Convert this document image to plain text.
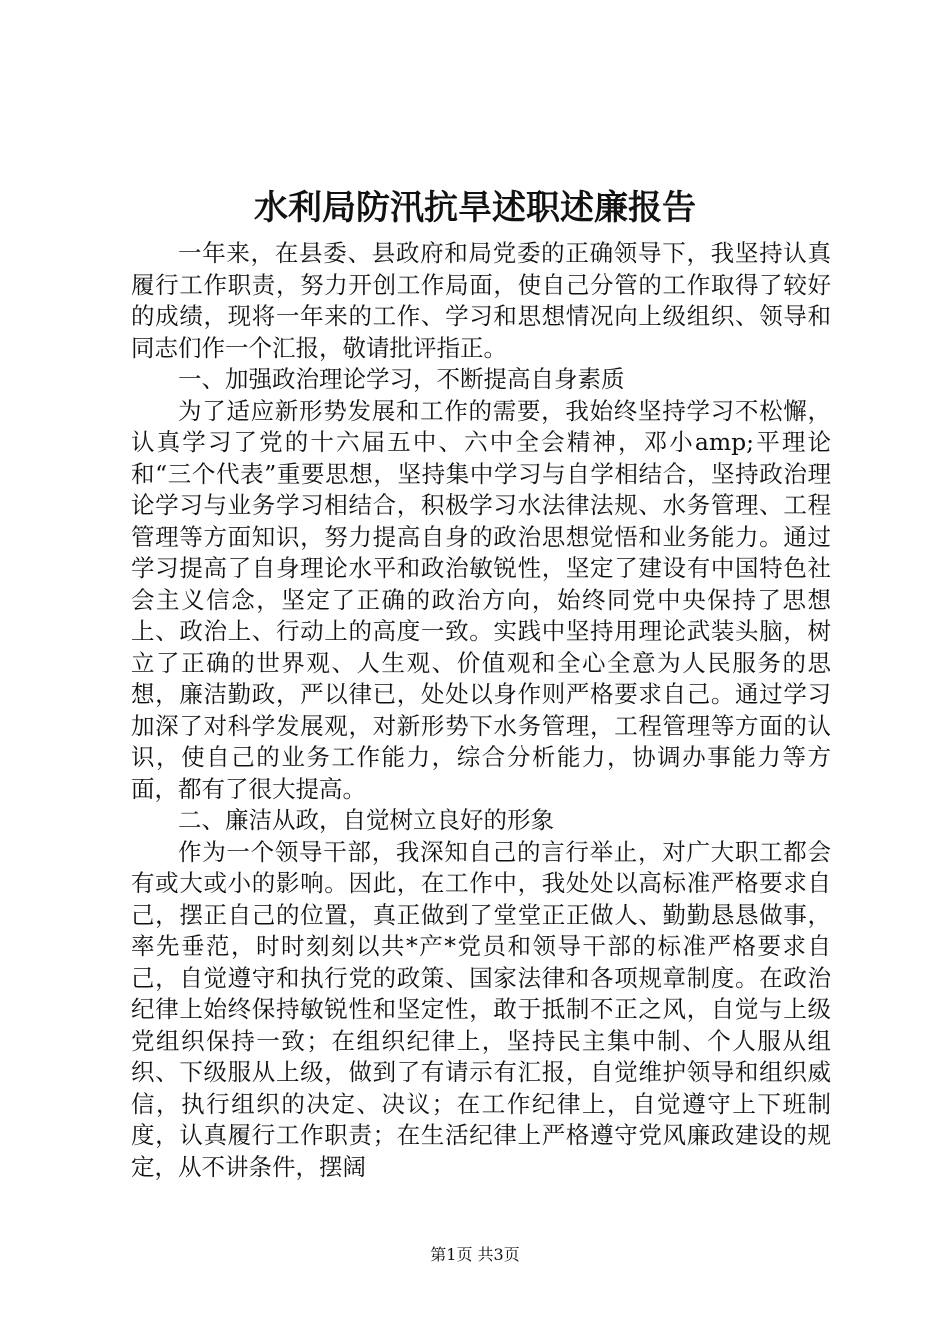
水利局防汛抗旱述职述廉报告

一年来，在县委、县政府和局党委的正确领导下，我坚持认真履行工作职责，努力开创工作局面，使自己分管的工作取得了较好的成绩，现将一年来的工作、学习和思想情况向上级组织、领导和同志们作一个汇报，敬请批评指正。

一、加强政治理论学习，不断提高自身素质

为了适应新形势发展和工作的需要，我始终坚持学习不松懈，认真学习了党的十六届五中、六中全会精神，邓小amp;平理论和“三个代表”重要思想，坚持集中学习与自学相结合，坚持政治理论学习与业务学习相结合，积极学习水法律法规、水务管理、工程管理等方面知识，努力提高自身的政治思想觉悟和业务能力。通过学习提高了自身理论水平和政治敏锐性，坚定了建设有中国特色社会主义信念，坚定了正确的政治方向，始终同党中央保持了思想上、政治上、行动上的高度一致。实践中坚持用理论武装头脑，树立了正确的世界观、人生观、价值观和全心全意为人民服务的思想，廉洁勤政，严以律已，处处以身作则严格要求自己。通过学习加深了对科学发展观，对新形势下水务管理，工程管理等方面的认识，使自己的业务工作能力，综合分析能力，协调办事能力等方面，都有了很大提高。

二、廉洁从政，自觉树立良好的形象

作为一个领导干部，我深知自己的言行举止，对广大职工都会有或大或小的影响。因此，在工作中，我处处以高标准严格要求自己，摆正自己的位置，真正做到了堂堂正正做人、勤勤恳恳做事，率先垂范，时时刻刻以共*产*党员和领导干部的标准严格要求自己，自觉遵守和执行党的政策、国家法律和各项规章制度。在政治纪律上始终保持敏锐性和坚定性，敢于抵制不正之风，自觉与上级党组织保持一致；在组织纪律上，坚持民主集中制、个人服从组织、下级服从上级，做到了有请示有汇报，自觉维护领导和组织威信，执行组织的决定、决议；在工作纪律上，自觉遵守上下班制度，认真履行工作职责；在生活纪律上严格遵守党风廉政建设的规定，从不讲条件，摆阔

第1页 共3页
